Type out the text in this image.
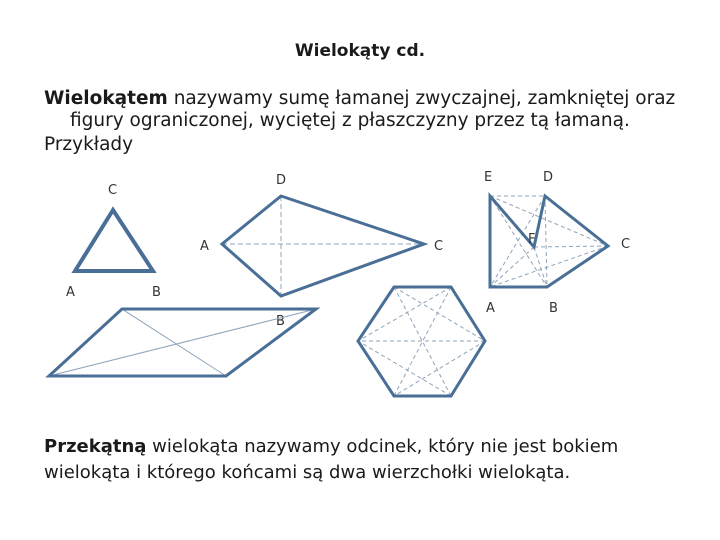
Wielokąty cd.
Wielokątem nazywamy sumę łamanej zwyczajnej, zamkniętej oraz
figury ograniczonej, wyciętej z płaszczyzny przez tą łamaną.
Przykłady
C
A	B
D
A	C
B
E	D
F	C
A	B
Przekątną wielokąta nazywamy odcinek, który nie jest bokiem
wielokąta i którego końcami są dwa wierzchołki wielokąta.
